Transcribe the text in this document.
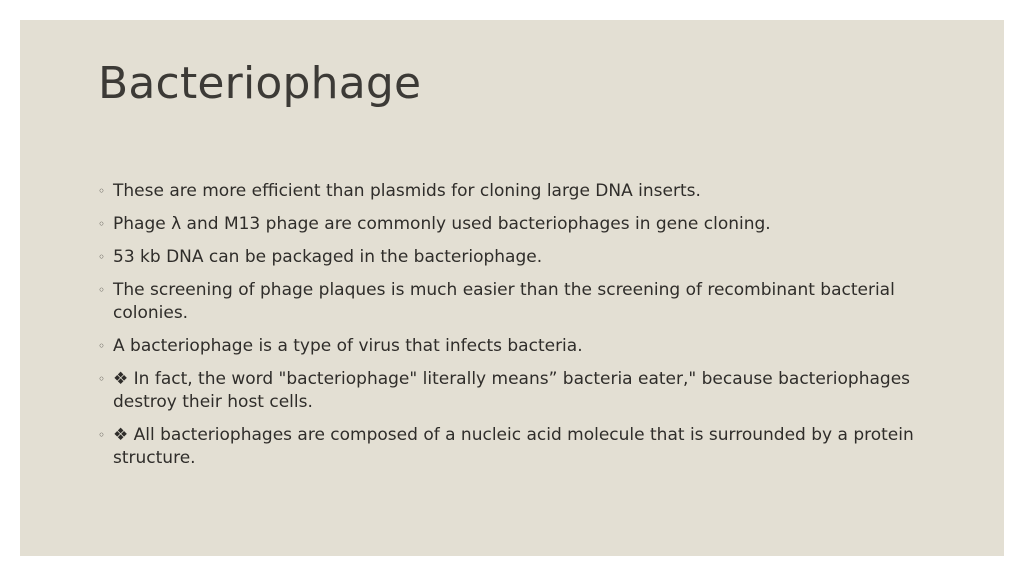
Bacteriophage
◦ These are more efficient than plasmids for cloning large DNA inserts.
◦ Phage λ and M13 phage are commonly used bacteriophages in gene cloning.
◦ 53 kb DNA can be packaged in the bacteriophage.
◦ The screening of phage plaques is much easier than the screening of recombinant bacterial colonies.
◦ A bacteriophage is a type of virus that infects bacteria.
◦ ❖ In fact, the word "bacteriophage" literally means” bacteria eater," because bacteriophages destroy their host cells.
◦ ❖ All bacteriophages are composed of a nucleic acid molecule that is surrounded by a protein structure.
